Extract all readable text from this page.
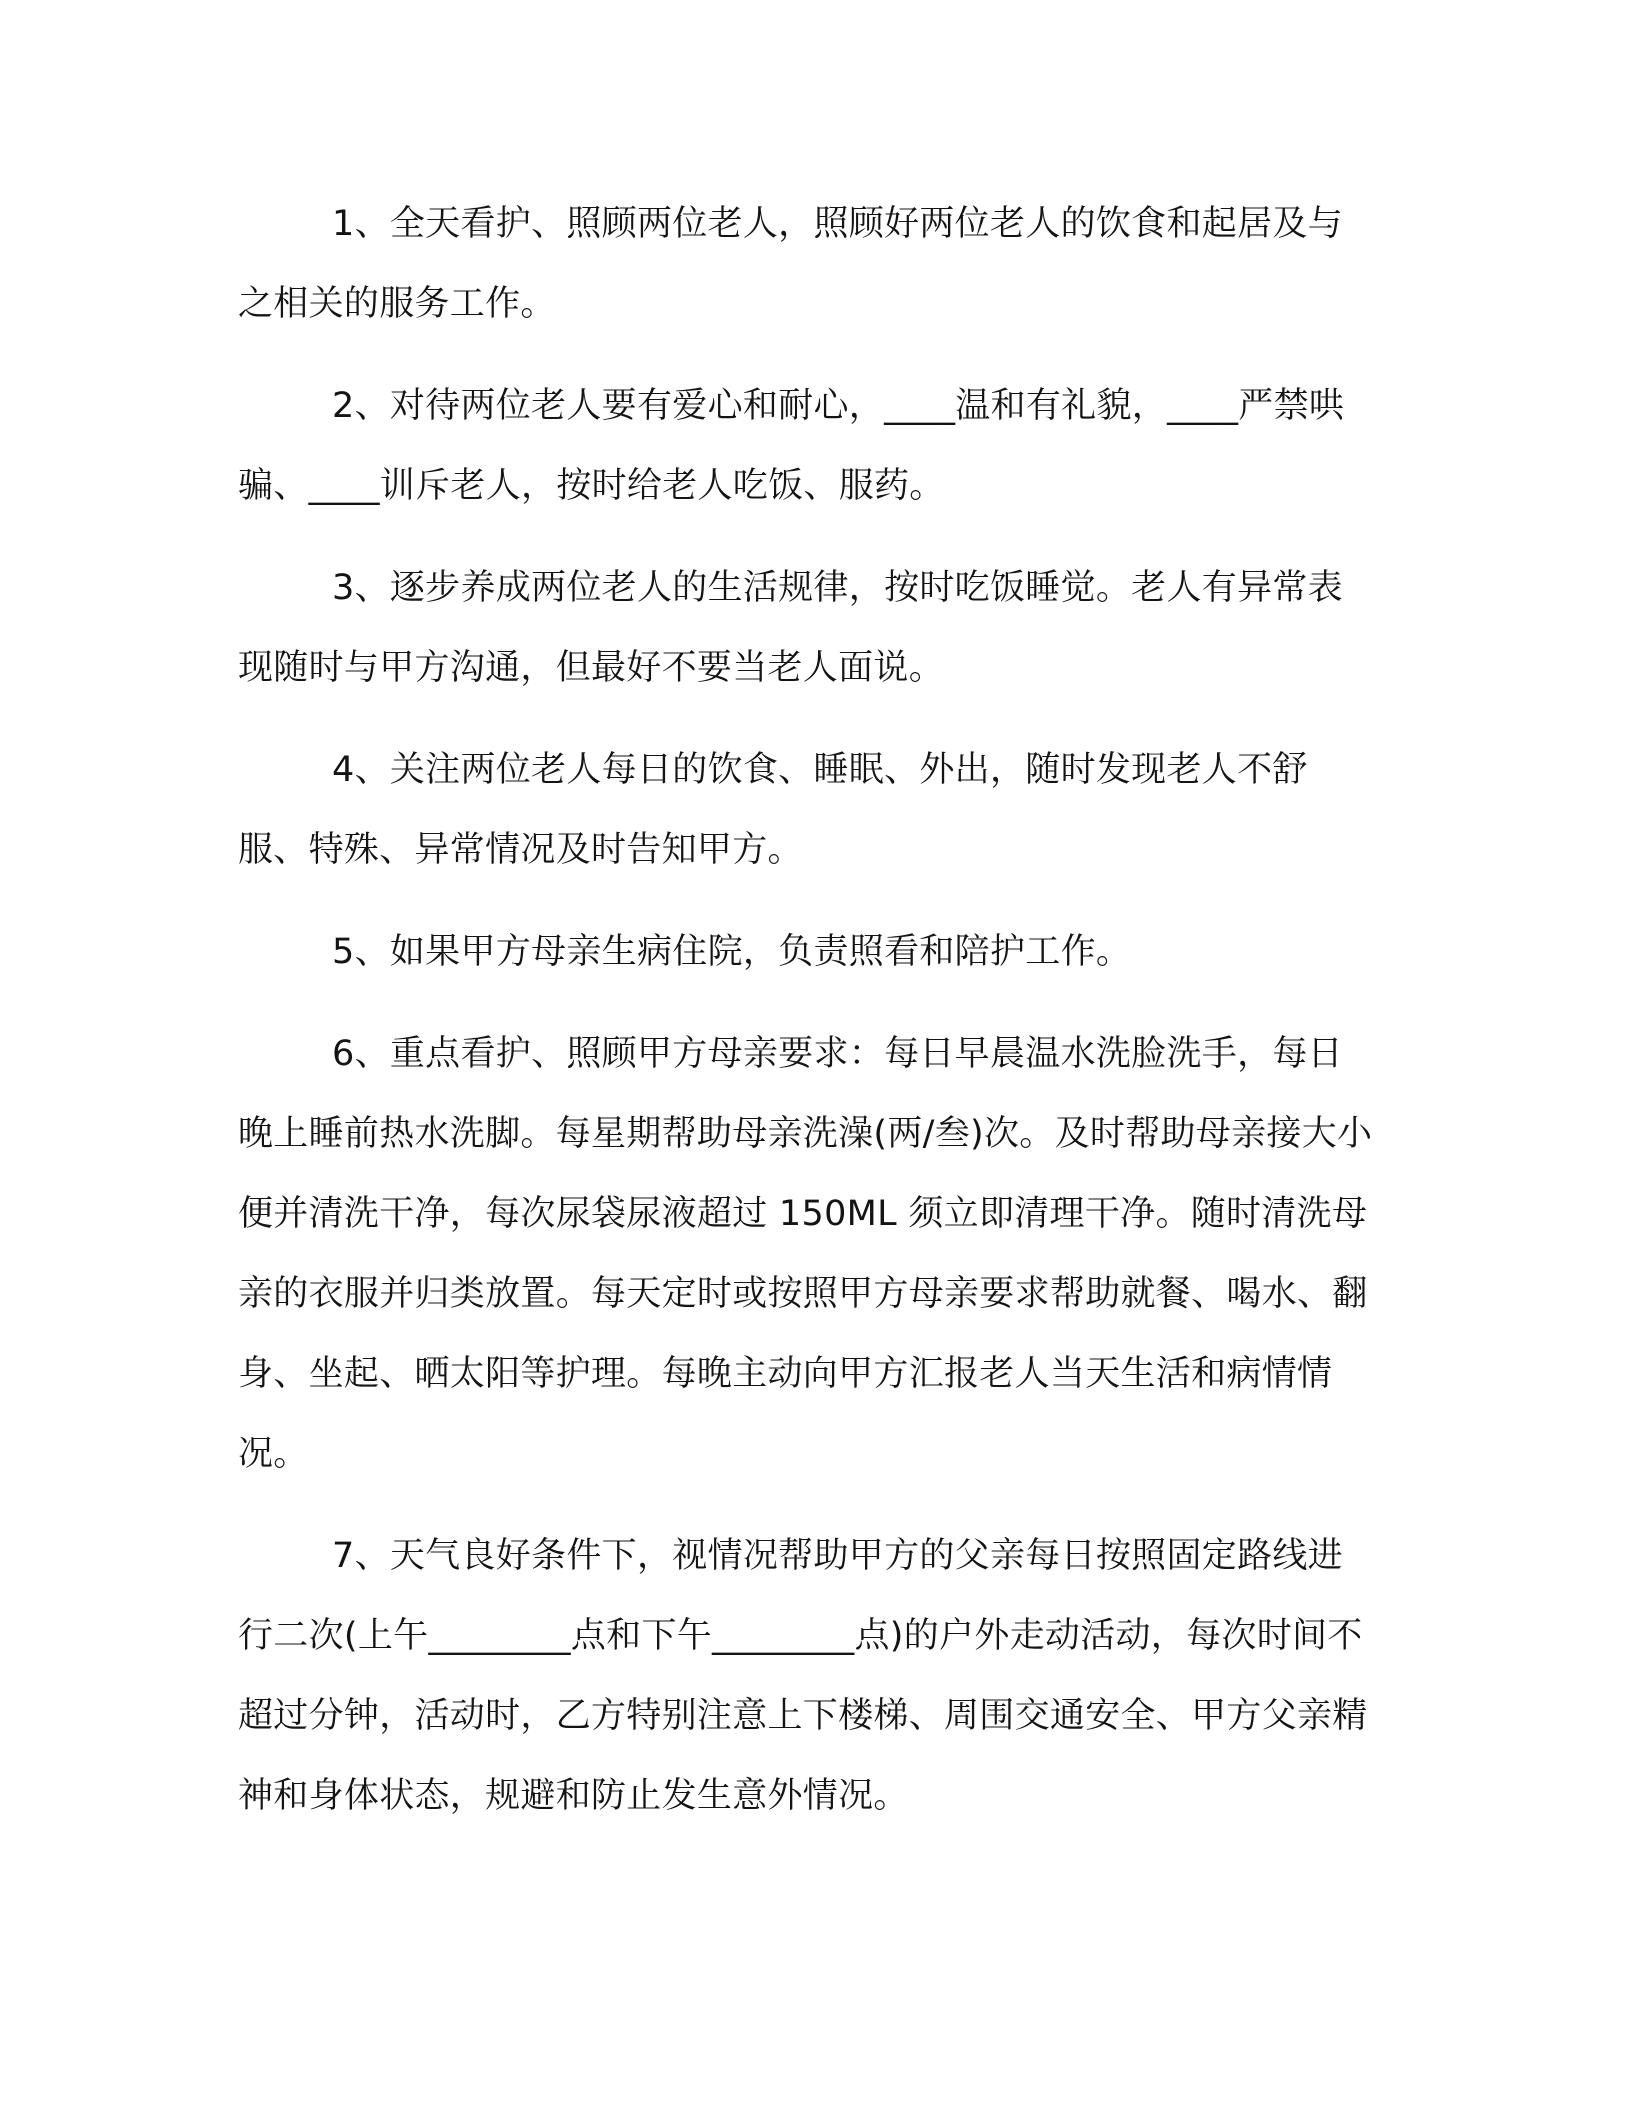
1、全天看护、照顾两位老人，照顾好两位老人的饮食和起居及与之相关的服务工作。

2、对待两位老人要有爱心和耐心，____温和有礼貌，____严禁哄骗、____训斥老人，按时给老人吃饭、服药。

3、逐步养成两位老人的生活规律，按时吃饭睡觉。老人有异常表现随时与甲方沟通，但最好不要当老人面说。

4、关注两位老人每日的饮食、睡眠、外出，随时发现老人不舒服、特殊、异常情况及时告知甲方。

5、如果甲方母亲生病住院，负责照看和陪护工作。

6、重点看护、照顾甲方母亲要求：每日早晨温水洗脸洗手，每日晚上睡前热水洗脚。每星期帮助母亲洗澡(两/叁)次。及时帮助母亲接大小便并清洗干净，每次尿袋尿液超过 150ML 须立即清理干净。随时清洗母亲的衣服并归类放置。每天定时或按照甲方母亲要求帮助就餐、喝水、翻身、坐起、晒太阳等护理。每晚主动向甲方汇报老人当天生活和病情情况。

7、天气良好条件下，视情况帮助甲方的父亲每日按照固定路线进行二次(上午________点和下午________点)的户外走动活动，每次时间不超过分钟，活动时，乙方特别注意上下楼梯、周围交通安全、甲方父亲精神和身体状态，规避和防止发生意外情况。
